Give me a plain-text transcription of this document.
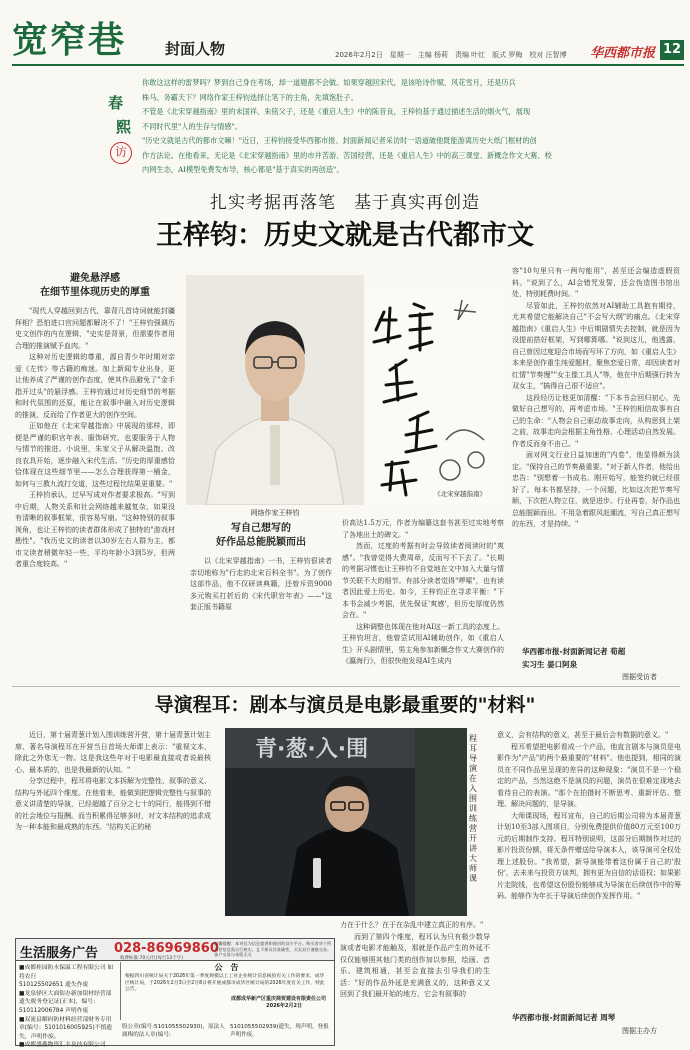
宽窄巷	封面人物	2026年2月2日　星期一　主编 杨莉　责编 叶红　版式 罗梅　校对 汪智博 华西都市报 12
春
熙
访
你敢这这样的雷梦吗？梦到自己身在考场，却一道题都不会做。如果穿越回宋代，是该哈诗作赋、风花雪月，还是历兵
株马、务霸天下？网络作家王梓钧选择让笔下的主角，先填饱肚子。
不管是《北宋穿越指南》里的未国祥、朱铭父子，还是《重启人生》中的陈昔良，王梓钧基于通过描述生活的烟火气，展现
不同时代里"人的生存与情感"。
"历史文就是古代的都市文嘛！"近日，王梓钧接受华西都市报、封面新闻记者采访时一语道破他既能游离历史大纸门框材的创
作方法论。在他看来，无论是《北宋穿越指南》里的市井苦游、苦国经营，还是《重启人生》中的高三课堂、新概念作文大赛、校
内网生态，AI模型免费发布导，核心都是"基于真实的再创造"。
扎实考据再落笔　基于真实再创造
王梓钧：历史文就是古代都市文
避免悬浮感
在细节里体现历史的厚重

"现代人穿越回到古代，靠背几首诗词就能封疆拜相？恐怕进口官问题都解决不了！"王梓钧强调历史文创作的内在逻辑，"史实是背景，但需要作者用合理的推演赋予血肉。"

这种对历史逻辑的尊重，源自青少年时期对亲爱《左传》等古籍的痴迷。加上新闻专业出身，更让他养成了严谨的创作态度，使其作品避免了"金手指开过头"的悬浮感。王梓钧通过对历史细节的考据和时代氛围的还原，能让在叙事中融入对历史逻辑的推演，反而给了作者更大的创作空间。

正如他在《北宋穿越指南》中展现的那样，即便是严谨的职官年表、服饰研究，也要服务于人物与情节的推进。小说里，朱家父子从解决温饱、改良农具开始，逐步融入宋代生活。"历史的厚重感恰恰体现在这些细节里——怎么合理获得第一桶金，如何与三教九流打交道，这些过程比结果更重要。"

王梓钧承认，过早写成对作者要求极高。"写到中后期，人物关系和社会网络越来越复杂，如果没有清晰的叙事框架，很容易写崩。"这种特别的叙事视角，也让王梓钧的读者群体形成了独特的"游戏材勘性"。"我历史文的读者以30岁左右人群为主，都市文读者稍微年轻一些，平均年龄小3到5岁，但两者重合度较高。"

网络作家王梓钧
《北宋穿越指南》
写自己想写的
好作品总能脱颖而出

以《北宋穿越指南》一书，王梓钧很读者亲切地称为"行走的北宋百科全书"。为了创作这部作品，他不仅研读典籍，还曾斥资9000多元购买打折后的《宋代职官年表》——"这套正版书籍原

价高达1.5万元，作者为编纂这套书甚至过实地考察了各地出土的碑文。"

然而，过度的考据有时会导致读者阅读时的"爽感"。"我曾觉得大费周章，反而写不下去了。"长期的考据习惯也让王梓钧不自觉地在文中加入大量与情节关联不大的细节。有部分读者觉得"啰嗦"，也有读者因此爱上历史。如今，王梓钧正在寻求平衡："下本书会减少考据，优先保证'爽感'，但历史厚度仍然会在。"

这种调整也体现在他对AI这一新工具的态度上。王梓钧坦言，他曾尝试用AI辅助创作，如《重启人生》开头剧情里，男主角参加新概念作文大赛创作的《瀛海行》，但很快他发现AI生成内

容"10句里只有一两句能用"，甚至还会编造虚假资料。"说到了么，AI会错咒发誓，还会伪造图书馆出处，特别耗费时间。"

尽管如此，王梓钧依然对AI辅助工具抱有期待，尤其希望它能解决自己"不会写大纲"的痛点。《北宋穿越指南》《重启人生》中后期剧情失去控制，就是因为没提前搭好框架，写到哪算哪。"说到这儿，他透露，自己曾因过度迎合市场而写坏了方向，如《重启人生》本来是创作重生纯爱题材，聚焦恋爱日常，却因读者对红情"节奏慢""女主像工具人"等，他在中后期强行转为双女主，"搞得自己很不适应"。

这段经历让他更加清醒："下本书会回归初心，先做好自己想写的，再考虑市场。"王梓钧相信故事有自己的生命："人物会自己驱动故事走向，从构思到上架之前，故事走向会根据主角性格、心理活动自然发展。作者反而身不由己。"

面对网文行业日益加速的"内卷"，他显得颇为淡定。"保持自己的节奏最重要。"对于新人作者，他给出忠告："别想着一书成名。刚开始写，能签约就已经很好了。每本书都坚持，一个问题，比如这次把节奏写顺，下次把人物立住，就是进步。行业再卷，好作品也总能脱颖而出。不用急着跟风赶潮流，写自己真正想写的东西，才是持续。"

华西都市报-封面新闻记者 荀超
实习生 晏口阿泉
图据受访者
导演程耳：剧本与演员是电影最重要的"材料"

近日，第十届青葱计划入围训练营开营，第十届青葱计划主席、著名导演程耳在开营当日首场大师课上表示："重视文本，除此之外您无一物。这是我这些年对于电影最直接或者说最核心、最本质的，也是我最新的认知。"

分享过程中，程耳将电影文本拆解为完整性、叙事的意义、结构与外延四个维度。在他看来，能做到把逻辑完整性与叙事的意义讲清楚的导演，已经超越了百分之七十的同行，能得到不错的社会地位与报酬。而当积累得足够多时，对文本结构的追求成为一种本能和最成熟的东西。"结构关正的秘

青·葱·入·围	程耳导演在入围训练营开讲大师课

力在于什么？在于在杂乱中建立真正的有序。"

而到了第四个维度，程耳认为只有极少数导演或者电影才能触及，那就是作品产生的外延不仅仅能够照其他门类的创作加以参照，绘画、音乐、建筑相通，甚至会直接去引导我们的生活："好的作品外延是充满意义的，这种意义又回到了我们最开始的地方，它会有叙事的

意义，会有结构的意义，甚至于最后会有数据的意义。"

程耳希望把电影看成一个产品，他直言剧本与演员是电影作为"产品"的两个最重要的"材料"。他也提到，相同的演员在不同作品里呈现的差异的这种现象："演员不是一个稳定的产品，当然这绝不是演员的问题，演员在很难定现地去看待自己的表演。"那个在拍摄时不断思考、重新评估、整理、解决问题的，是导演。

大师课现场，程耳宣布，自己的后期公司将为本届青葱计划10至3部入围项目，分别免费提供价值80万元至100万元的后期制作支持。程耳特别说明，这部分后期制作对过的影片投资份额，将无条件赠送给导演本人，该导演可全权处理上述股份。"我希望，新导演能带着这份属于自己的'股份'，去未来与投资方谈判，拥有更为自信的话语权；如果影片走院线，也希望这份股份能够成为导演在后续创作中的筹码。能够作为年长于导演后续创作发挥作用。"

华西都市报-封面新闻记者 周琴
图据主办方
生活服务广告 028-86969860
收费标准:70元/行(每行13个字)
温馨提醒：本刊仅为信息提供和使用的双方平台。购买者对于所刊登信息需自行核实，且不保证其准确性，买卖双方谨慎交易。客户交易与本版无关
■成都桂园防水保温工程有限公司 如将农行
510125502651 遗失作废
■龙泉驿区大面街办新加银材经营部遗失税务登记证(正本)，编号：
510112006784 声明作废
■双流县解码防材料经营部财务专用章(编号：5101016005925)不慎遗失，声明作废。
■成都盛鑫物资汇丰及技有限公司
公　告
根据四川省统计局关于2026年第一季度规模以上工业企业统计信息核验有关工作的要求，成华区统计局，于2026年2月3日至2月8日将开展成都市成华区统计局的2026年度有关工作，特此公告。
成都成华新产区重庆商贸建设有限责任公司
2026年2月2日
股公章(编号:5101055502930)，原法人属梅的法人章(编号:
5101055502939)遗失，现声明，登报声明作废。
